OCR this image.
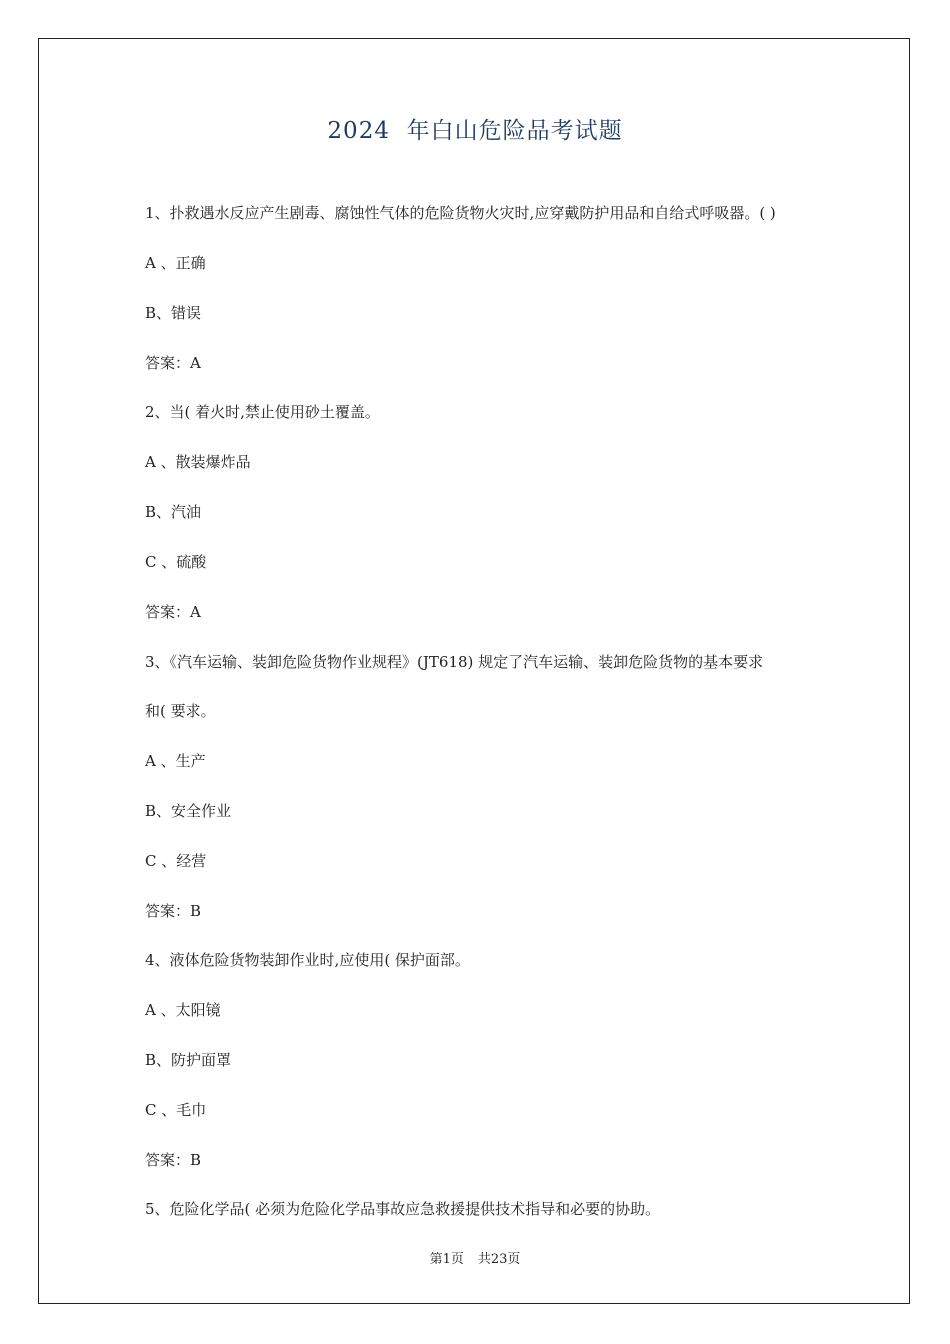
2024  年白山危险品考试题
1、扑救遇水反应产生剧毒、腐蚀性气体的危险货物火灾时,应穿戴防护用品和自给式呼吸器。( )
A 、正确
B、错误
答案：A
2、当( 着火时,禁止使用砂土覆盖。
A 、散装爆炸品
B、汽油
C 、硫酸
答案：A
3、《汽车运输、装卸危险货物作业规程》(JT618) 规定了汽车运输、装卸危险货物的基本要求
和( 要求。
A 、生产
B、安全作业
C 、经营
答案：B
4、液体危险货物装卸作业时,应使用( 保护面部。
A 、太阳镜
B、防护面罩
C 、毛巾
答案：B
5、危险化学品( 必须为危险化学品事故应急救援提供技术指导和必要的协助。
第1页 共23页
